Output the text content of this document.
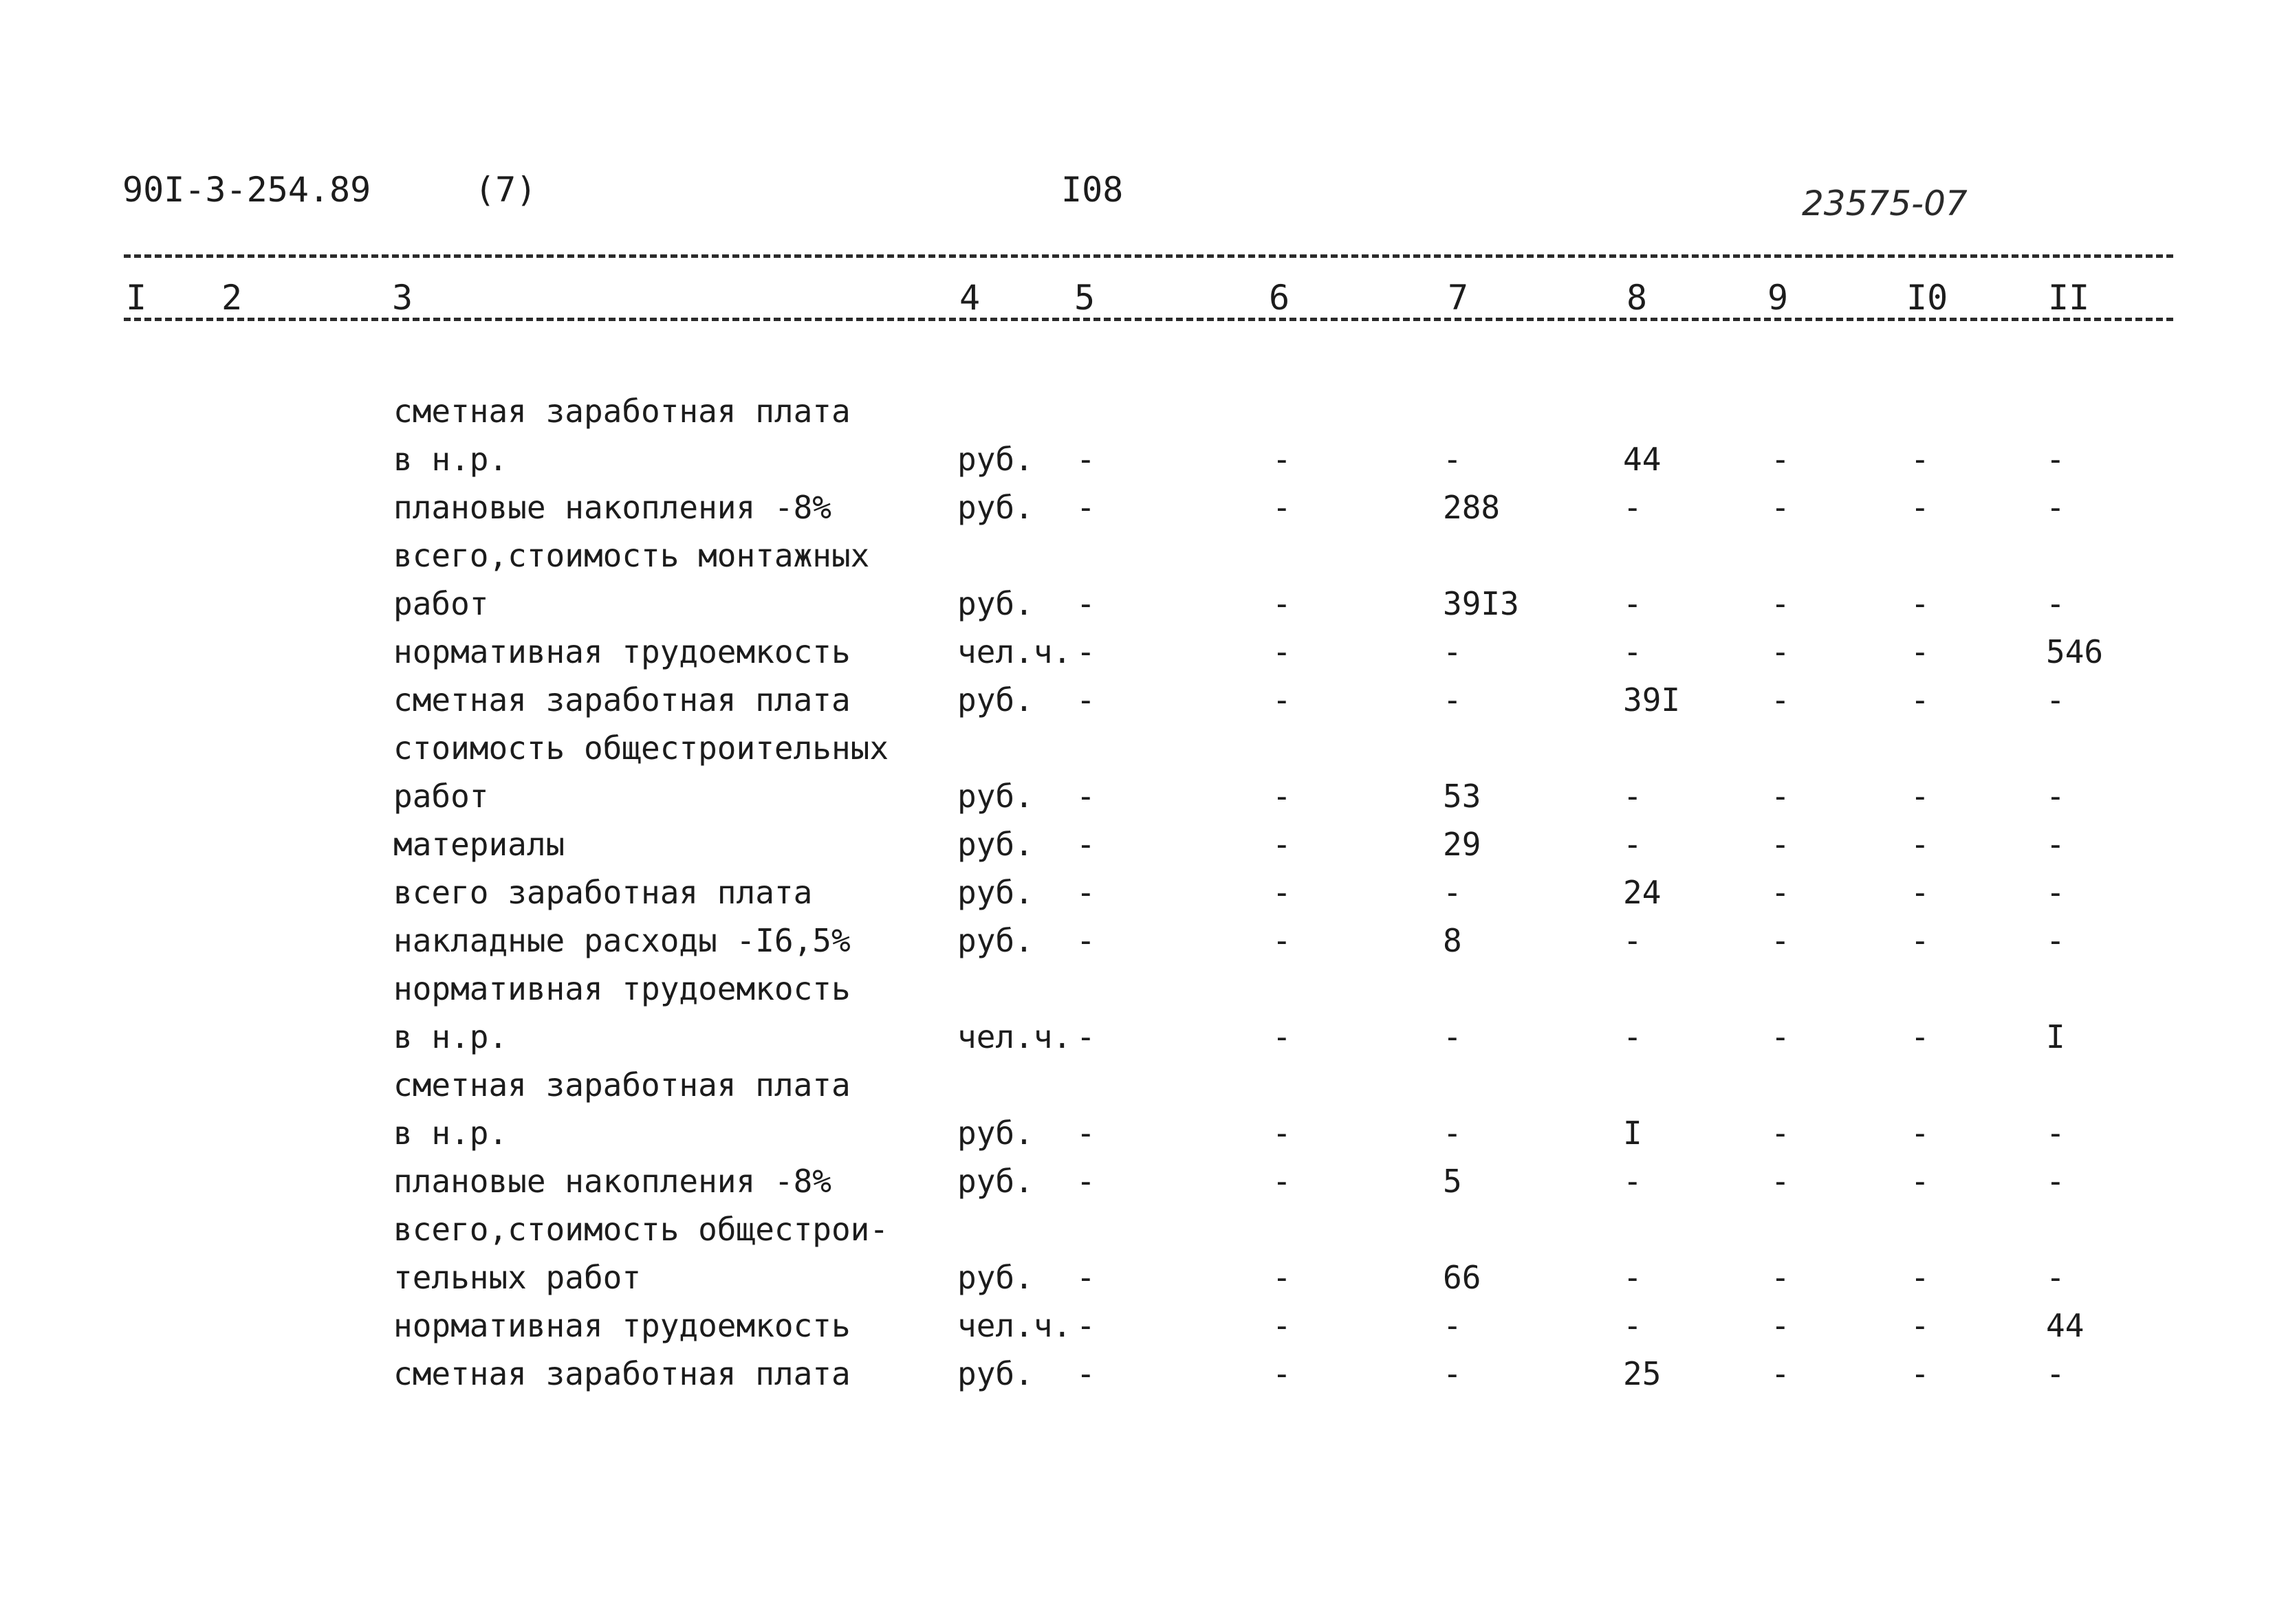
90I-3-254.89	(7)	I08	23575-07
I 2	3	4	5	6	7	8	9	I0	II
сметная заработная плата
в н.р.	руб. -	-	-	44	-	-	-
плановые накопления -8%	руб. -	-	288	-	-	-	-
всего,стоимость монтажных
работ	руб. -	-	39I3	-	-	-	-
нормативная трудоемкость	чел.ч. -	-	-	-	-	-	546
сметная заработная плата	руб. -	-	-	39I	-	-	-
стоимость общестроительных
работ	руб. -	-	53	-	-	-	-
материалы	руб. -	-	29	-	-	-	-
всего заработная плата	руб. -	-	-	24	-	-	-
накладные расходы -I6,5%	руб. -	-	8	-	-	-	-
нормативная трудоемкость
в н.р.	чел.ч. -	-	-	-	-	-	I
сметная заработная плата
в н.р.	руб. -	-	-	I	-	-	-
плановые накопления -8%	руб. -	-	5	-	-	-	-
всего,стоимость общестрои-
тельных работ	руб. -	-	66	-	-	-	-
нормативная трудоемкость	чел.ч. -	-	-	-	-	-	44
сметная заработная плата	руб. -	-	-	25	-	-	-
